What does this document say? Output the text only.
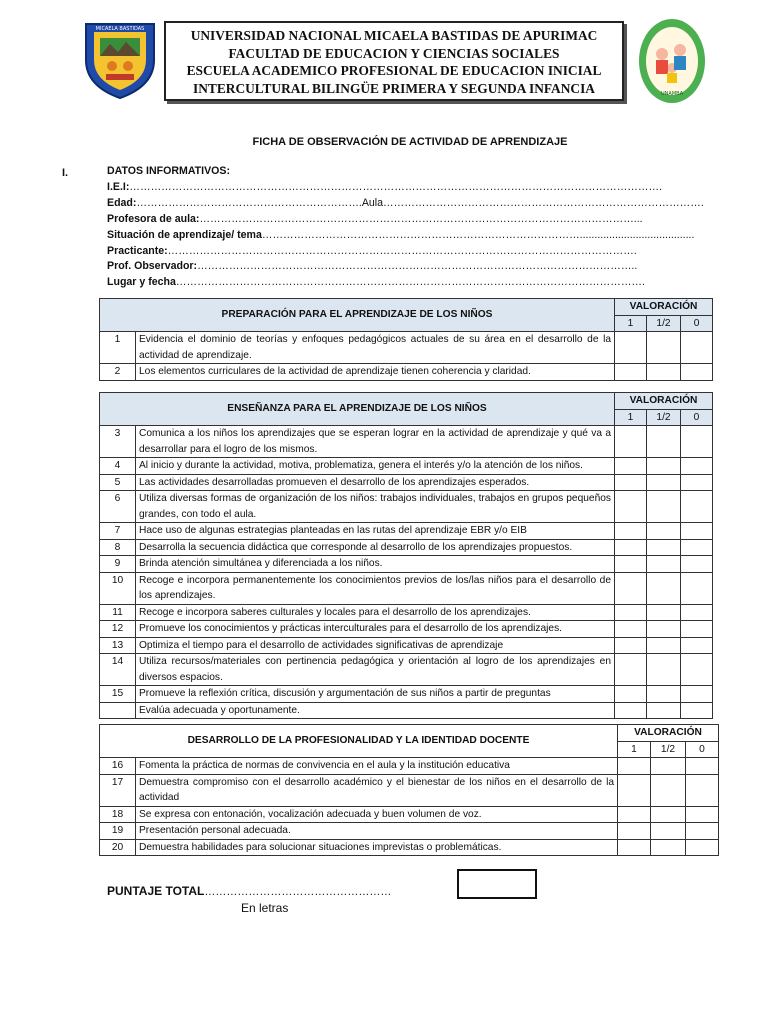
MICAELA BASTIDAS	UNIVERSIDAD NACIONAL MICAELA BASTIDAS DE APURIMAC
FACULTAD DE EDUCACION Y CIENCIAS SOCIALES
ESCUELA ACADEMICO PROFESIONAL DE EDUCACION INICIAL
INTERCULTURAL BILINGÜE PRIMERA Y SEGUNDA INFANCIA	UNAMBA
FICHA DE OBSERVACIÓN DE ACTIVIDAD DE APRENDIZAJE
I.	DATOS INFORMATIVOS:
I.E.I:…………………………………………………………………………………………………………………………………….
Edad:……………………………………………………….Aula……………………………………………………………………………….
Profesora de aula:……………………………………………………………………………………………………………...
Situación de aprendizaje/ tema……………………………………………………………………………….......................................
Practicante:…………………………………………………………………………………………………………………….
Prof. Observador:……………………………………………………………………………………………………………..
Lugar y fecha…………………………………………………………………………………………………………………….
PREPARACIÓN PARA EL APRENDIZAJE DE LOS NIÑOS		VALORACIÓN		
		1	1/2	0
1	Evidencia el dominio de teorías y enfoques pedagógicos actuales de su área en el desarrollo de la actividad de aprendizaje.			
2	Los elementos curriculares de la actividad de aprendizaje tienen coherencia y claridad.			
ENSEÑANZA PARA EL APRENDIZAJE DE LOS NIÑOS		VALORACIÓN		
		1	1/2	0
3	Comunica a los niños los aprendizajes que se esperan lograr en la actividad de aprendizaje y qué va a desarrollar para el logro de los mismos.			
4	Al inicio y durante la actividad, motiva, problematiza, genera el interés y/o la atención de los niños.			
5	Las actividades desarrolladas promueven el desarrollo de los aprendizajes esperados.			
6	Utiliza diversas formas de organización de los niños: trabajos individuales, trabajos en grupos pequeños grandes, con todo el aula.			
7	Hace uso de algunas estrategias planteadas en las rutas del aprendizaje EBR y/o EIB			
8	Desarrolla la secuencia didáctica que corresponde al desarrollo de los aprendizajes propuestos.			
9	Brinda atención simultánea y diferenciada a los niños.			
10	Recoge e incorpora permanentemente los conocimientos previos de los/las niños para el desarrollo de los aprendizajes.			
11	Recoge e incorpora saberes culturales y locales para el desarrollo de los aprendizajes.			
12	Promueve los conocimientos y prácticas interculturales para el desarrollo de los aprendizajes.			
13	Optimiza el tiempo para el desarrollo de actividades significativas de aprendizaje			
14	Utiliza recursos/materiales con pertinencia pedagógica y orientación al logro de los aprendizajes en diversos espacios.			
15	Promueve la reflexión crítica, discusión y argumentación de sus niños a partir de preguntas			
	Evalúa adecuada y oportunamente.			
DESARROLLO DE LA PROFESIONALIDAD Y LA IDENTIDAD DOCENTE		VALORACIÓN		
		1	1/2	0
16	Fomenta la práctica de normas de convivencia en el aula y la institución educativa			
17	Demuestra compromiso con el desarrollo académico y el bienestar de los niños en el desarrollo de la actividad			
18	Se expresa con entonación, vocalización adecuada y buen volumen de voz.			
19	Presentación personal adecuada.			
20	Demuestra habilidades para solucionar situaciones imprevistas o problemáticas.			
PUNTAJE TOTAL……………………………………………
En letras
